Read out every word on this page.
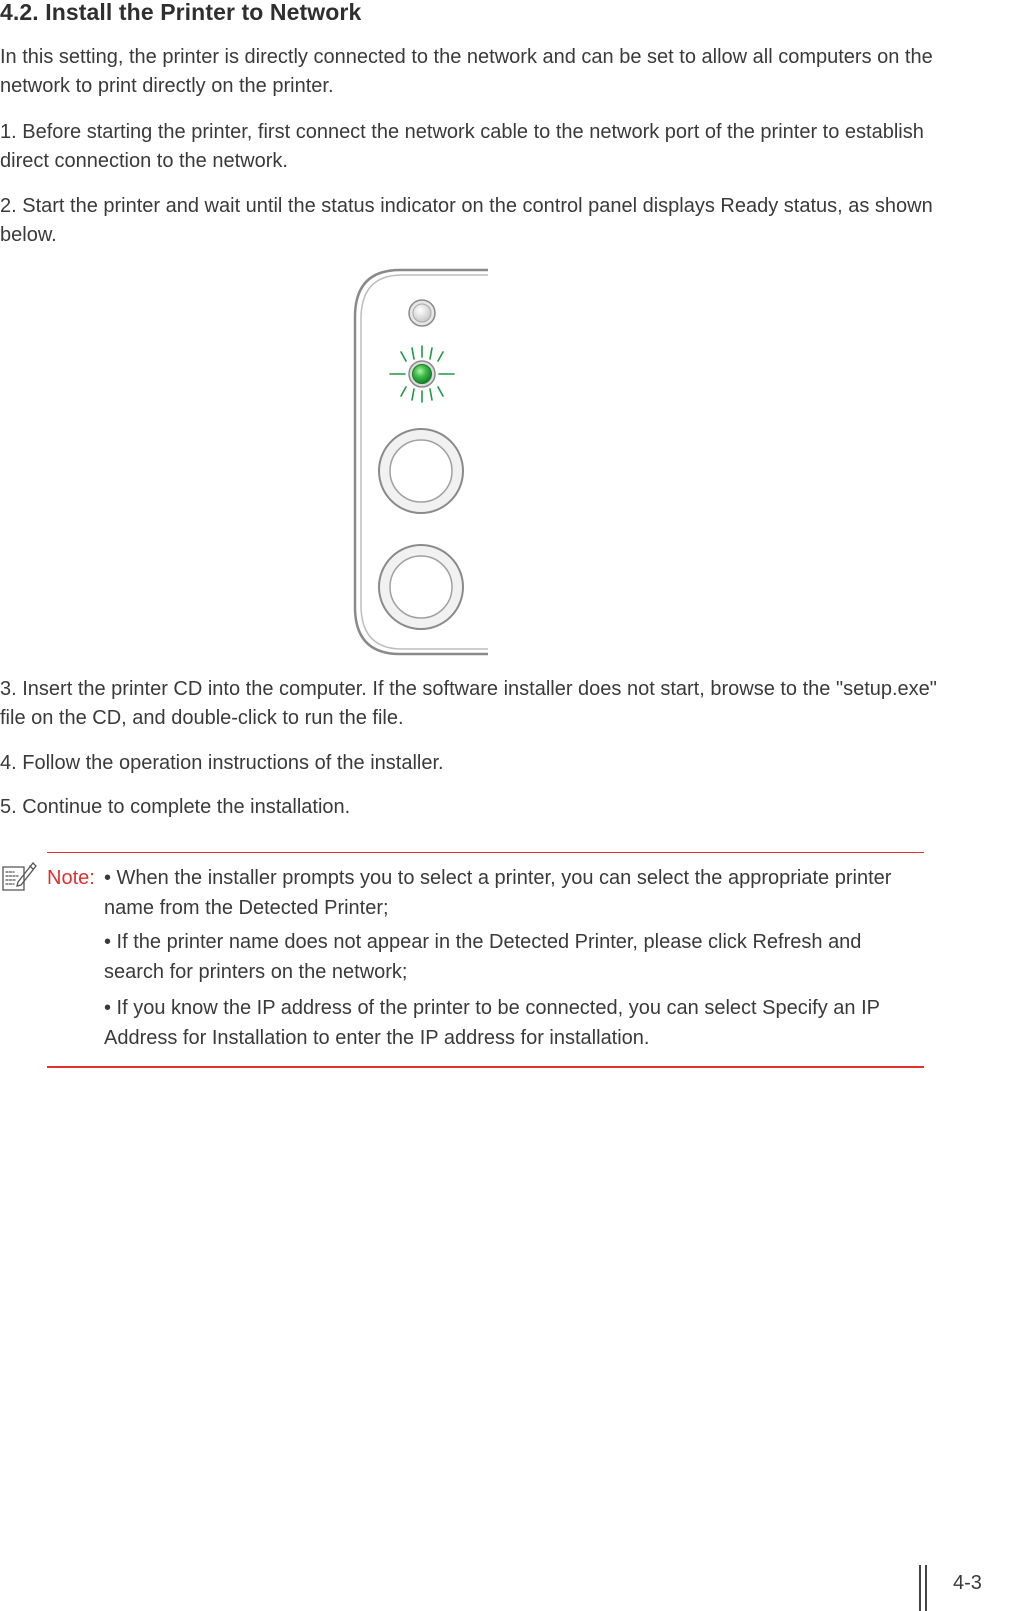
4.2. Install the Printer to Network

In this setting, the printer is directly connected to the network and can be set to allow all computers on the network to print directly on the printer.

1. Before starting the printer, first connect the network cable to the network port of the printer to establish direct connection to the network.

2. Start the printer and wait until the status indicator on the control panel displays Ready status, as shown below.

3. Insert the printer CD into the computer. If the software installer does not start, browse to the "setup.exe" file on the CD, and double-click to run the file.

4. Follow the operation instructions of the installer.

5. Continue to complete the installation.

Note: • When the installer prompts you to select a printer, you can select the appropriate printer name from the Detected Printer;

• If the printer name does not appear in the Detected Printer, please click Refresh and search for printers on the network;

• If you know the IP address of the printer to be connected, you can select Specify an IP Address for Installation to enter the IP address for installation.

4-3
